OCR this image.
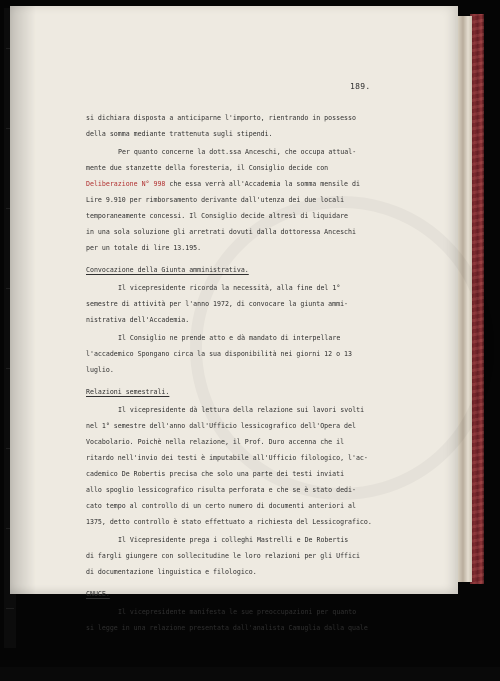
189.
si dichiara disposta a anticiparne l'importo, rientrando in possesso
della somma mediante trattenuta sugli stipendi.
Per quanto concerne la dott.ssa Anceschi, che occupa attual-
mente due stanzette della foresteria, il Consiglio decide con
Deliberazione N° 998 che essa verrà all'Accademia la somma mensile di
Lire 9.910 per rimborsamento derivante dall'utenza dei due locali
temporaneamente concessi. Il Consiglio decide altresì di liquidare
in una sola soluzione gli arretrati dovuti dalla dottoressa Anceschi
per un totale di lire 13.195.
Convocazione della Giunta amministrativa.
Il vicepresidente ricorda la necessità, alla fine del 1°
semestre di attività per l'anno 1972, di convocare la giunta ammi-
nistrativa dell'Accademia.
Il Consiglio ne prende atto e dà mandato di interpellare
l'accademico Spongano circa la sua disponibilità nei giorni 12 o 13
luglio.
Relazioni semestrali.
Il vicepresidente dà lettura della relazione sui lavori svolti
nel 1° semestre dell'anno dall'Ufficio lessicografico dell'Opera del
Vocabolario. Poichè nella relazione, il Prof. Duro accenna che il
ritardo nell'invio dei testi è imputabile all'Ufficio filologico, l'ac-
cademico De Robertis precisa che solo una parte dei testi inviati
allo spoglio lessicografico risulta perforata e che se è stato dedi-
cato tempo al controllo di un certo numero di documenti anteriori al
1375, detto controllo è stato effettuato a richiesta del Lessicografico.
Il Vicepresidente prega i colleghi Mastrelli e De Robertis
di fargli giungere con sollecitudine le loro relazioni per gli Uffici
di documentazione linguistica e filologico.
CNUCE.
Il vicepresidente manifesta le sue preoccupazioni per quanto
si legge in una relazione presentata dall'analista Camuglia dalla quale
